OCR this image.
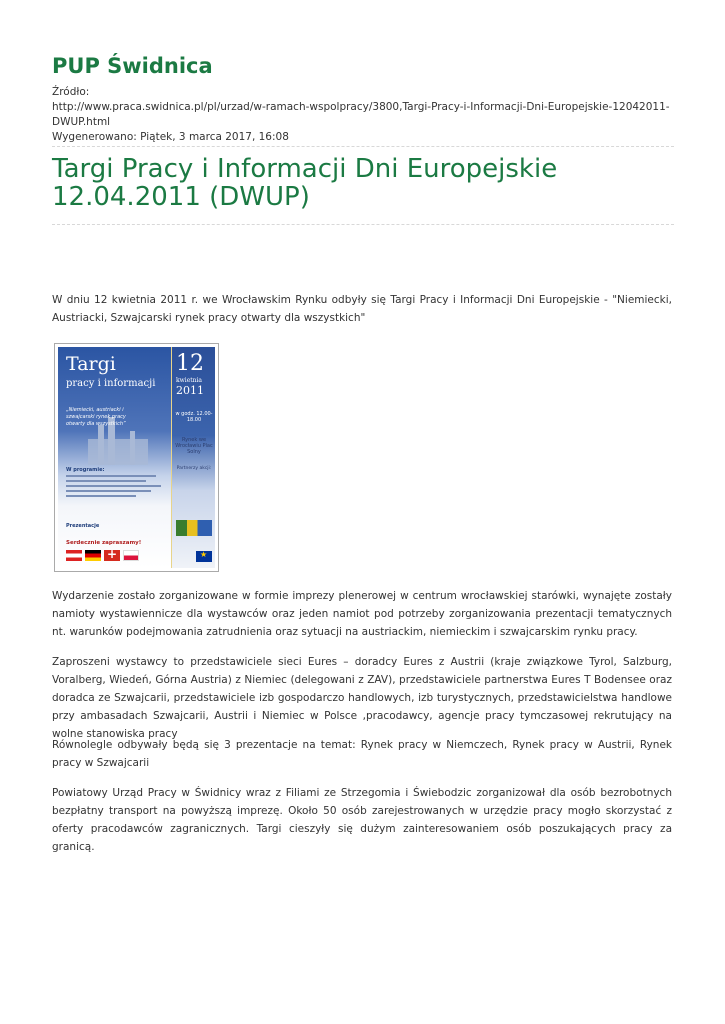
PUP Świdnica
Źródło:
http://www.praca.swidnica.pl/pl/urzad/w-ramach-wspolpracy/3800,Targi-Pracy-i-Informacji-Dni-Europejskie-12042011-DWUP.html
Wygenerowano: Piątek, 3 marca 2017, 16:08
Targi Pracy i Informacji Dni Europejskie 12.04.2011 (DWUP)

W dniu 12 kwietnia 2011 r. we Wrocławskim Rynku odbyły się Targi Pracy i Informacji Dni Europejskie - "Niemiecki, Austriacki, Szwajcarski rynek pracy otwarty dla wszystkich"

Targi
pracy i informacji
12
kwietnia
2011
„Niemiecki, austriacki i szwajcarski rynek pracy otwarty dla wszystkich”
w godz. 12.00-18.00
Rynek we Wrocławiu Plac Solny
W programie:
Prezentacje
Serdecznie zapraszamy!
+
Partnerzy akcji:
★

Wydarzenie zostało zorganizowane w formie imprezy plenerowej w centrum wrocławskiej starówki, wynajęte zostały namioty wystawiennicze dla wystawców oraz jeden namiot pod potrzeby zorganizowania prezentacji tematycznych nt. warunków podejmowania zatrudnienia oraz sytuacji na austriackim, niemieckim i szwajcarskim rynku pracy.

Zaproszeni wystawcy to przedstawiciele sieci Eures – doradcy Eures z Austrii (kraje związkowe Tyrol, Salzburg, Voralberg, Wiedeń, Górna Austria) z Niemiec (delegowani z ZAV), przedstawiciele partnerstwa Eures T Bodensee oraz doradca ze Szwajcarii, przedstawiciele izb gospodarczo handlowych, izb turystycznych, przedstawicielstwa handlowe przy ambasadach Szwajcarii, Austrii i Niemiec w Polsce ,pracodawcy, agencje pracy tymczasowej rekrutujący na wolne stanowiska pracy

Równolegle odbywały będą się 3 prezentacje na temat: Rynek pracy w Niemczech, Rynek pracy w Austrii, Rynek pracy w Szwajcarii

Powiatowy Urząd Pracy w Świdnicy wraz z Filiami ze Strzegomia i Świebodzic zorganizował dla osób bezrobotnych bezpłatny transport na powyższą imprezę. Około 50 osób zarejestrowanych w urzędzie pracy mogło skorzystać z oferty pracodawców zagranicznych. Targi cieszyły się dużym zainteresowaniem osób poszukających pracy za granicą.
